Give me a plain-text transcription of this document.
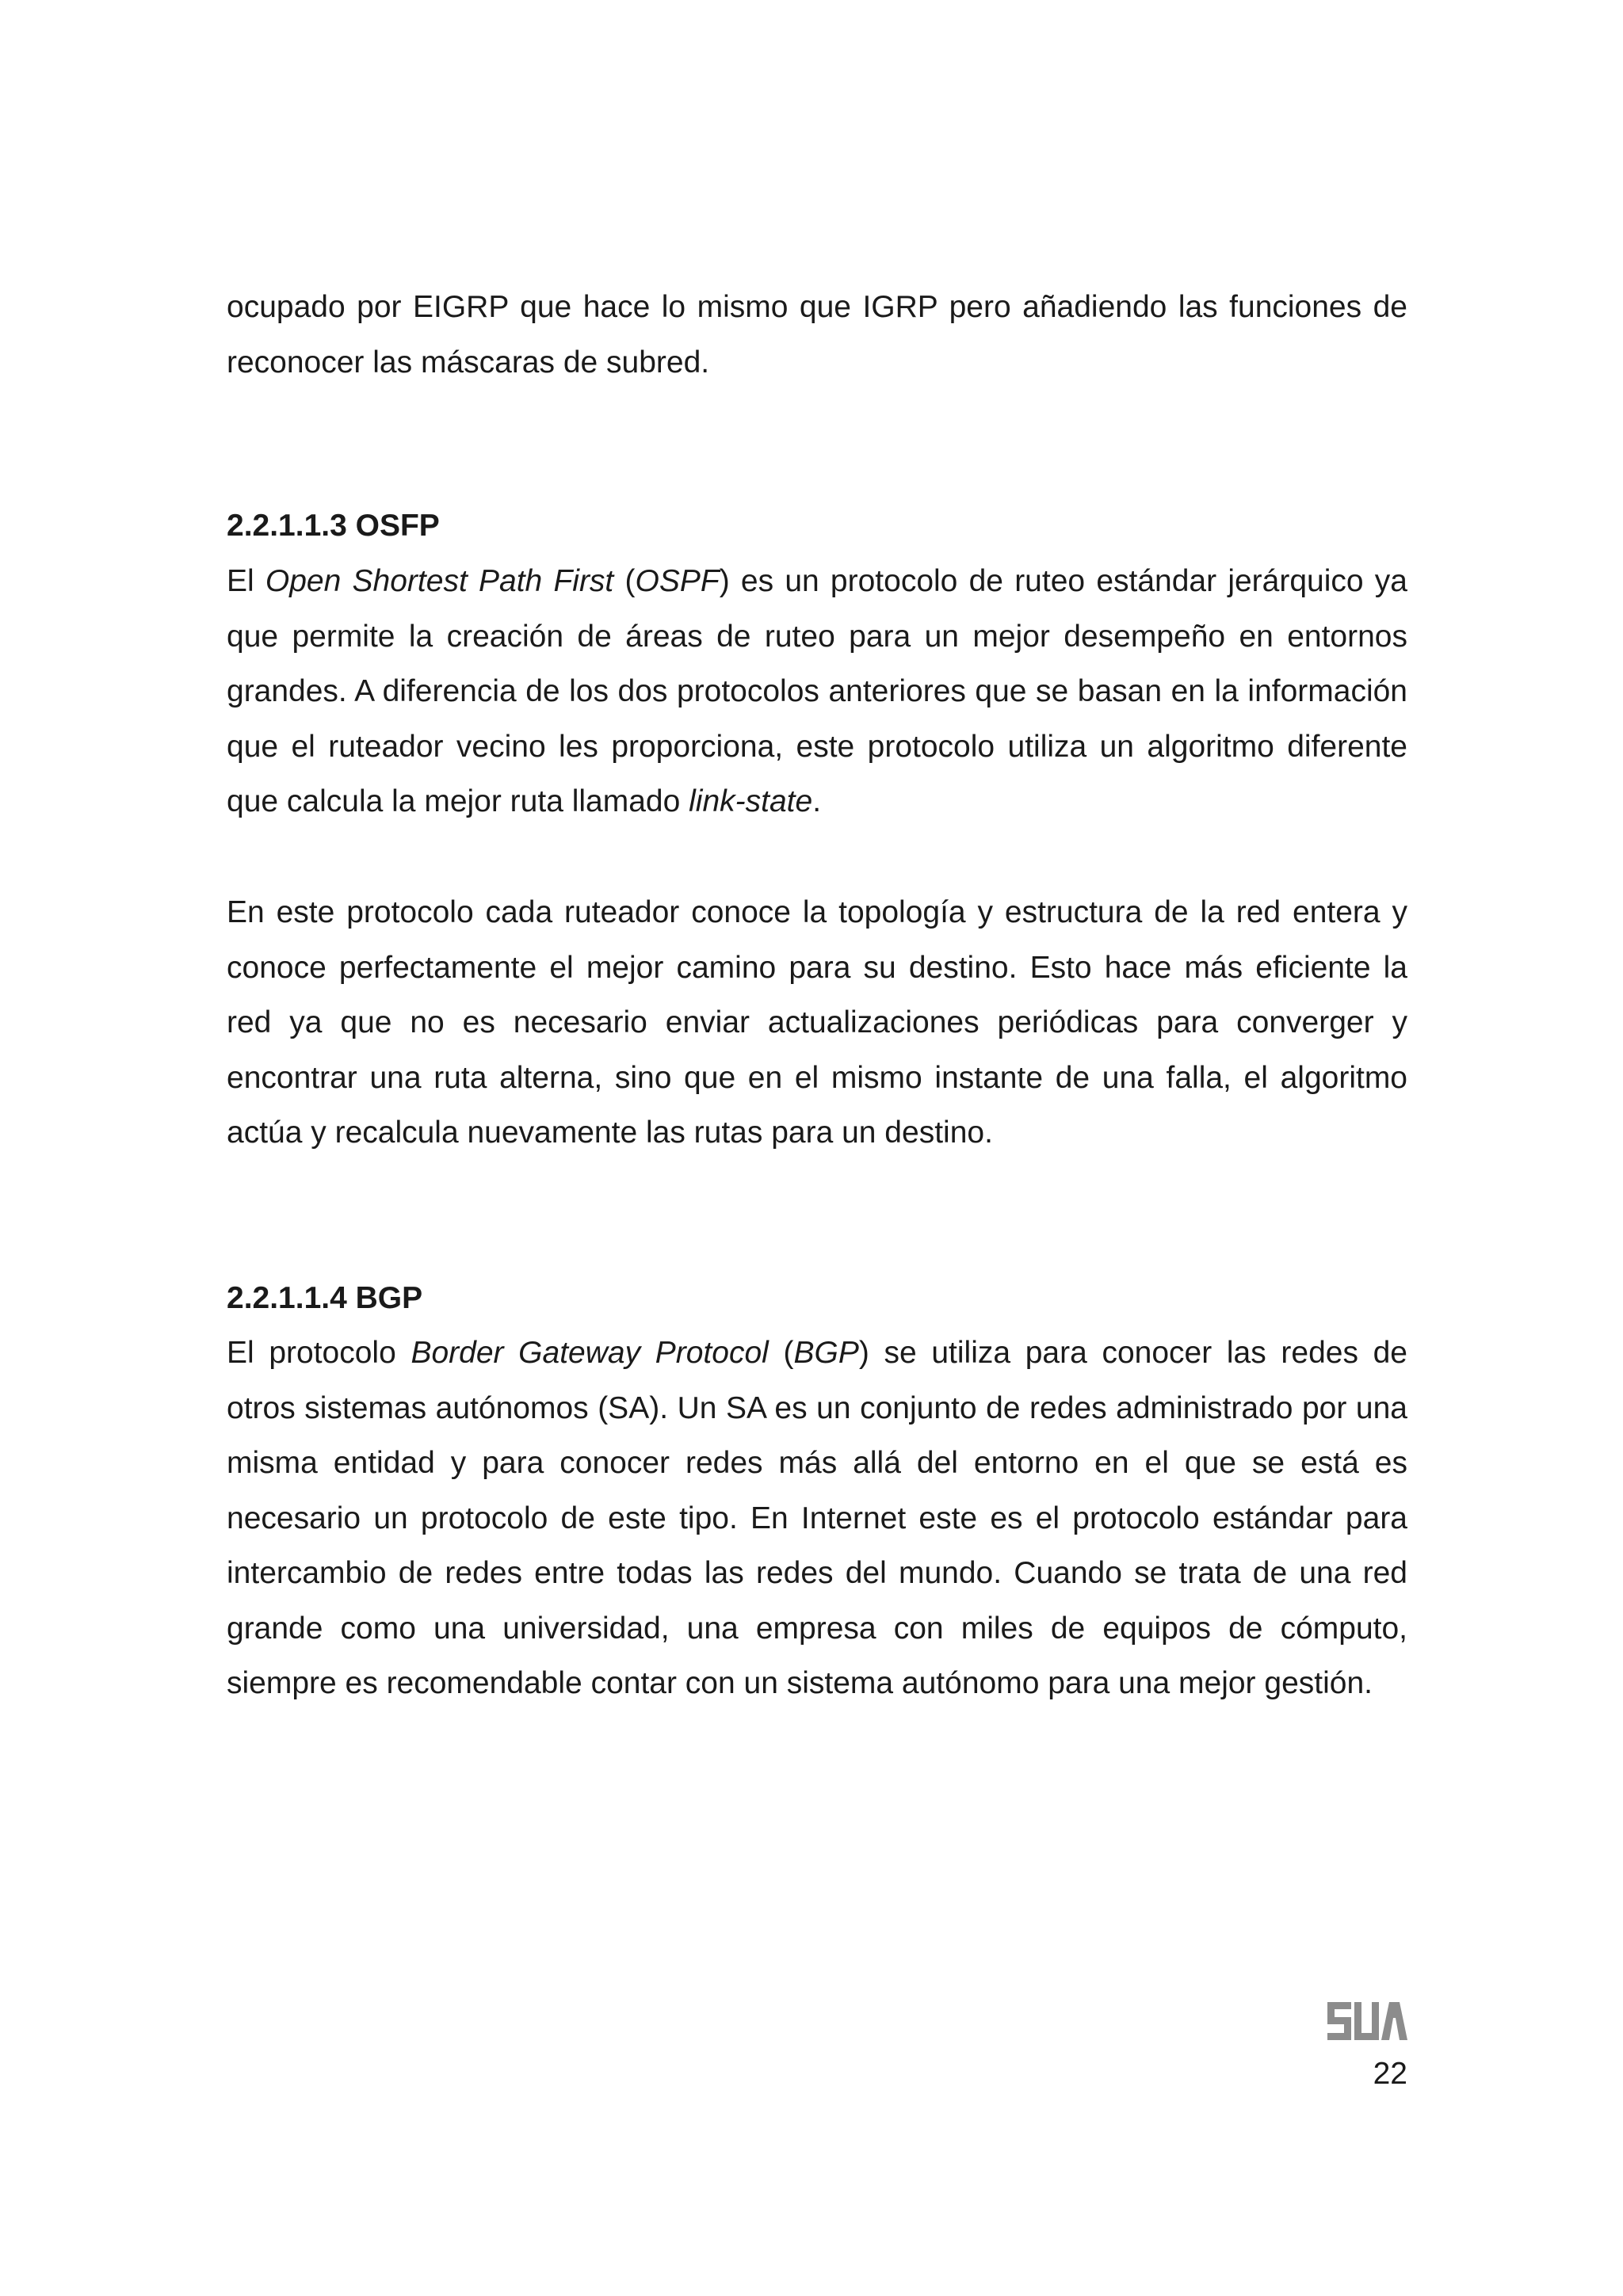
ocupado por EIGRP que hace lo mismo que IGRP pero añadiendo las funciones de reconocer las máscaras de subred.

2.2.1.1.3 OSFP

El Open Shortest Path First (OSPF) es un protocolo de ruteo estándar jerárquico ya que permite la creación de áreas de ruteo para un mejor desempeño en entornos grandes. A diferencia de los dos protocolos anteriores que se basan en la información que el ruteador vecino les proporciona, este protocolo utiliza un algoritmo diferente que calcula la mejor ruta llamado link-state.

En este protocolo cada ruteador conoce la topología y estructura de la red entera y conoce perfectamente el mejor camino para su destino. Esto hace más eficiente la red ya que no es necesario enviar actualizaciones periódicas para converger y encontrar una ruta alterna, sino que en el mismo instante de una falla, el algoritmo actúa y recalcula nuevamente las rutas para un destino.

2.2.1.1.4 BGP

El protocolo Border Gateway Protocol (BGP) se utiliza para conocer las redes de otros sistemas autónomos (SA). Un SA es un conjunto de redes administrado por una misma entidad y para conocer redes más allá del entorno en el que se está es necesario un protocolo de este tipo. En Internet este es el protocolo estándar para intercambio de redes entre todas las redes del mundo. Cuando se trata de una red grande como una universidad, una empresa con miles de equipos de cómputo, siempre es recomendable contar con un sistema autónomo para una mejor gestión.

22
